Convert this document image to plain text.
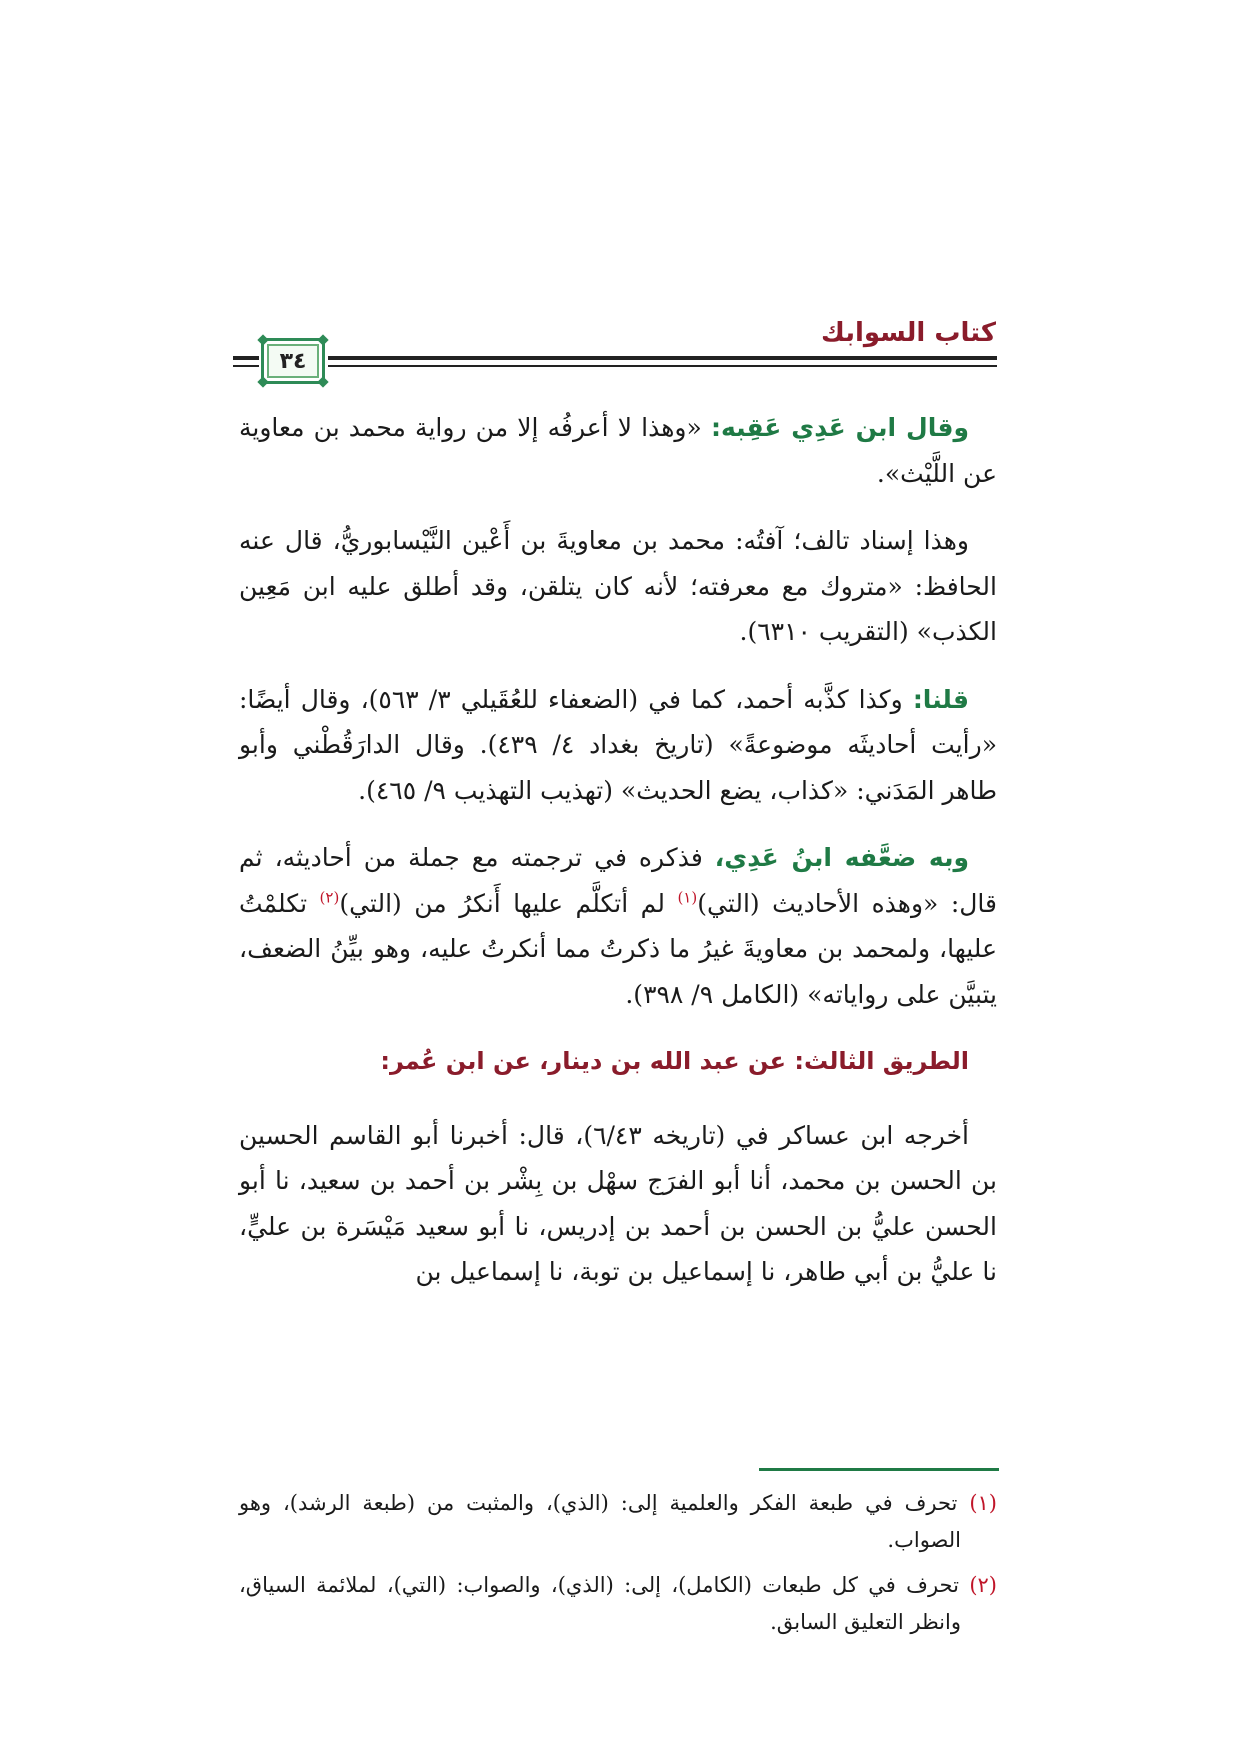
كتاب السوابك
٣٤

وقال ابن عَدِي عَقِبه: «وهذا لا أعرفُه إلا من رواية محمد بن معاوية عن اللَّيْث».

وهذا إسناد تالف؛ آفتُه: محمد بن معاويةَ بن أَعْين النَّيْسابوريُّ، قال عنه الحافظ: «متروك مع معرفته؛ لأنه كان يتلقن، وقد أطلق عليه ابن مَعِين الكذب» (التقريب ٦٣١٠).

قلنا: وكذا كذَّبه أحمد، كما في (الضعفاء للعُقَيلي ٣/ ٥٦٣)، وقال أيضًا: «رأيت أحاديثَه موضوعةً» (تاريخ بغداد ٤/ ٤٣٩). وقال الدارَقُطْني وأبو طاهر المَدَني: «كذاب، يضع الحديث» (تهذيب التهذيب ٩/ ٤٦٥).

وبه ضعَّفه ابنُ عَدِي، فذكره في ترجمته مع جملة من أحاديثه، ثم قال: «وهذه الأحاديث (التي)$^{(١)}$ لم أتكلَّم عليها أَنكرُ من (التي)$^{(٢)}$ تكلمْتُ عليها، ولمحمد بن معاويةَ غيرُ ما ذكرتُ مما أنكرتُ عليه، وهو بيِّنُ الضعف، يتبيَّن على رواياته» (الكامل ٩/ ٣٩٨).

الطريق الثالث: عن عبد الله بن دينار، عن ابن عُمر:

أخرجه ابن عساكر في (تاريخه ٦/٤٣)، قال: أخبرنا أبو القاسم الحسين بن الحسن بن محمد، أنا أبو الفرَج سهْل بن بِشْر بن أحمد بن سعيد، نا أبو الحسن عليُّ بن الحسن بن أحمد بن إدريس، نا أبو سعيد مَيْسَرة بن عليٍّ، نا عليُّ بن أبي طاهر، نا إسماعيل بن توبة، نا إسماعيل بن

(١) تحرف في طبعة الفكر والعلمية إلى: (الذي)، والمثبت من (طبعة الرشد)، وهو الصواب.

(٢) تحرف في كل طبعات (الكامل)، إلى: (الذي)، والصواب: (التي)، لملائمة السياق، وانظر التعليق السابق.
